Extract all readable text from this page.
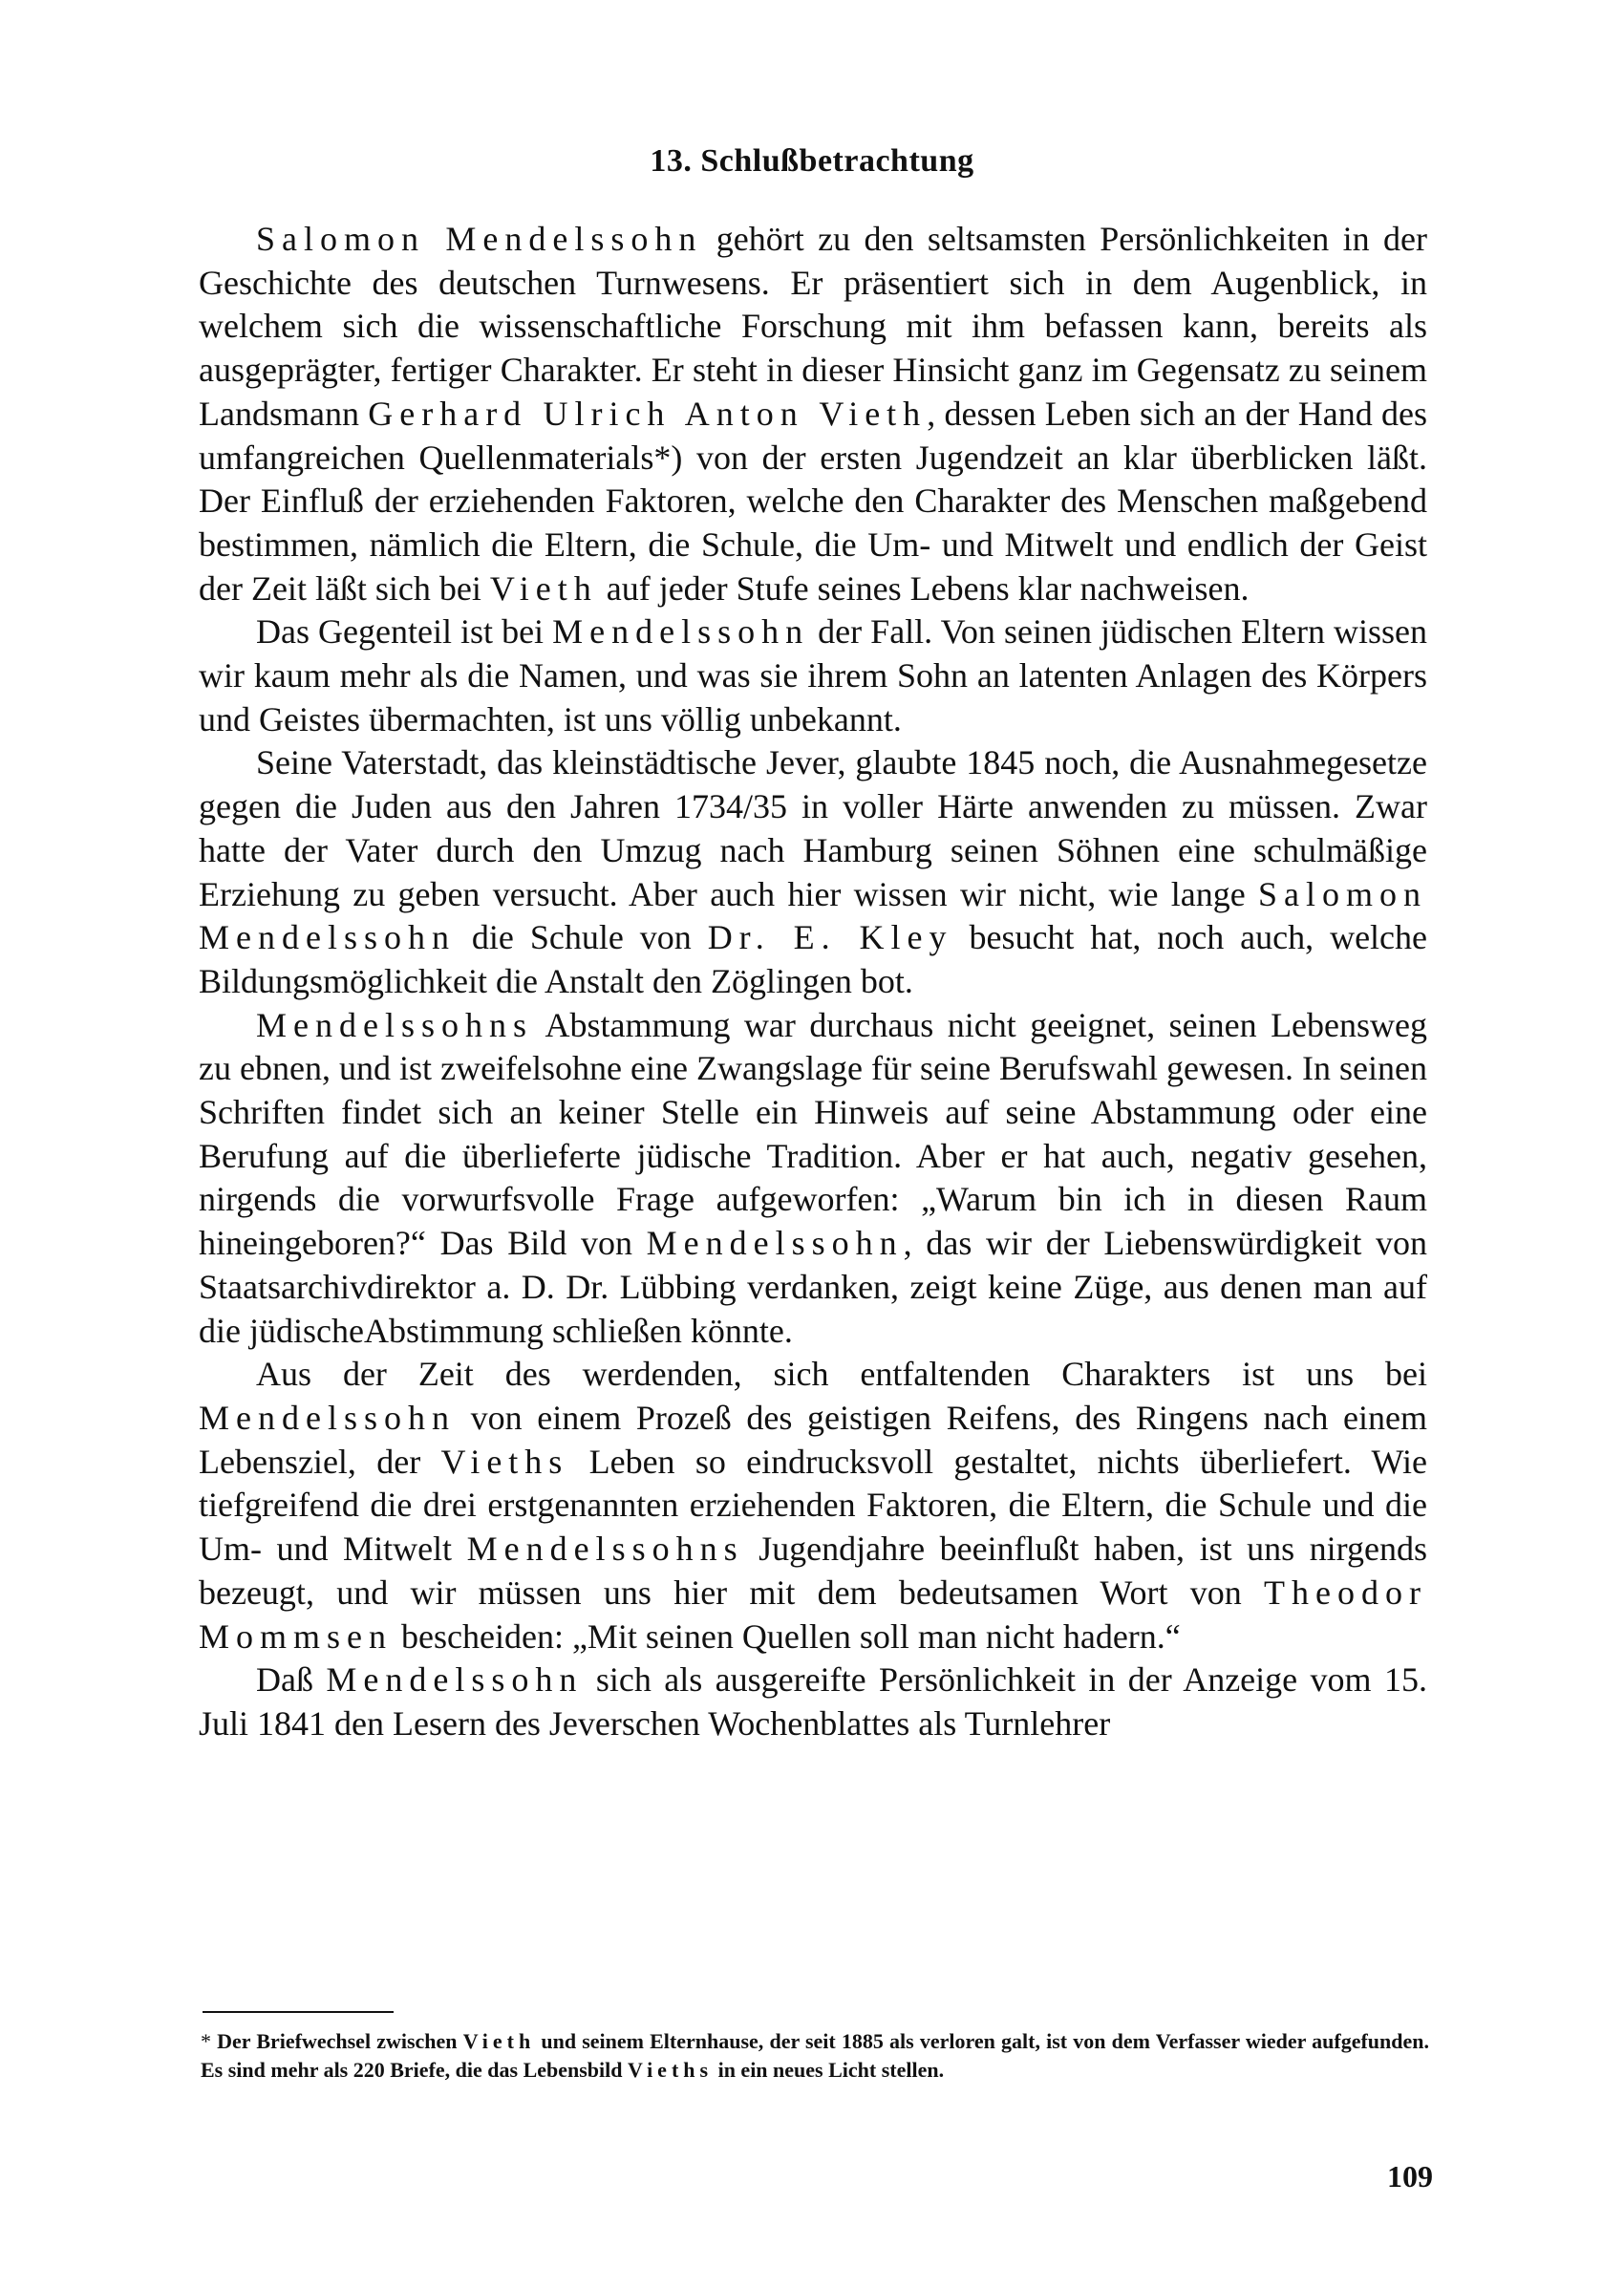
13. Schlußbetrachtung

Salomon Mendelssohn gehört zu den seltsamsten Persönlichkeiten in der Geschichte des deutschen Turnwesens. Er präsentiert sich in dem Augenblick, in welchem sich die wissenschaftliche Forschung mit ihm befassen kann, bereits als ausgeprägter, fertiger Charakter. Er steht in dieser Hinsicht ganz im Gegensatz zu seinem Landsmann Gerhard Ulrich Anton Vieth, dessen Leben sich an der Hand des umfangreichen Quellenmaterials*) von der ersten Jugendzeit an klar überblicken läßt. Der Einfluß der erziehenden Faktoren, welche den Charakter des Menschen maßgebend bestimmen, nämlich die Eltern, die Schule, die Um- und Mitwelt und endlich der Geist der Zeit läßt sich bei Vieth auf jeder Stufe seines Lebens klar nachweisen.

Das Gegenteil ist bei Mendelssohn der Fall. Von seinen jüdischen Eltern wissen wir kaum mehr als die Namen, und was sie ihrem Sohn an latenten Anlagen des Körpers und Geistes übermachten, ist uns völlig unbekannt.

Seine Vaterstadt, das kleinstädtische Jever, glaubte 1845 noch, die Ausnahmegesetze gegen die Juden aus den Jahren 1734/35 in voller Härte anwenden zu müssen. Zwar hatte der Vater durch den Umzug nach Hamburg seinen Söhnen eine schulmäßige Erziehung zu geben versucht. Aber auch hier wissen wir nicht, wie lange Salomon Mendelssohn die Schule von Dr. E. Kley besucht hat, noch auch, welche Bildungsmöglichkeit die Anstalt den Zöglingen bot.

Mendelssohns Abstammung war durchaus nicht geeignet, seinen Lebensweg zu ebnen, und ist zweifelsohne eine Zwangslage für seine Berufswahl gewesen. In seinen Schriften findet sich an keiner Stelle ein Hinweis auf seine Abstammung oder eine Berufung auf die überlieferte jüdische Tradition. Aber er hat auch, negativ gesehen, nirgends die vorwurfsvolle Frage aufgeworfen: „Warum bin ich in diesen Raum hineingeboren?“ Das Bild von Mendelssohn, das wir der Liebenswürdigkeit von Staatsarchivdirektor a. D. Dr. Lübbing verdanken, zeigt keine Züge, aus denen man auf die jüdischeAbstimmung schließen könnte.

Aus der Zeit des werdenden, sich entfaltenden Charakters ist uns bei Mendelssohn von einem Prozeß des geistigen Reifens, des Ringens nach einem Lebensziel, der Vieths Leben so eindrucksvoll gestaltet, nichts überliefert. Wie tiefgreifend die drei erstgenannten erziehenden Faktoren, die Eltern, die Schule und die Um- und Mitwelt Mendelssohns Jugendjahre beeinflußt haben, ist uns nirgends bezeugt, und wir müssen uns hier mit dem bedeutsamen Wort von Theodor Mommsen bescheiden: „Mit seinen Quellen soll man nicht hadern.“

Daß Mendelssohn sich als ausgereifte Persönlichkeit in der Anzeige vom 15. Juli 1841 den Lesern des Jeverschen Wochenblattes als Turnlehrer

* Der Briefwechsel zwischen Vieth und seinem Elternhause, der seit 1885 als verloren galt, ist von dem Verfasser wieder aufgefunden. Es sind mehr als 220 Briefe, die das Lebensbild Vieths in ein neues Licht stellen.
109
